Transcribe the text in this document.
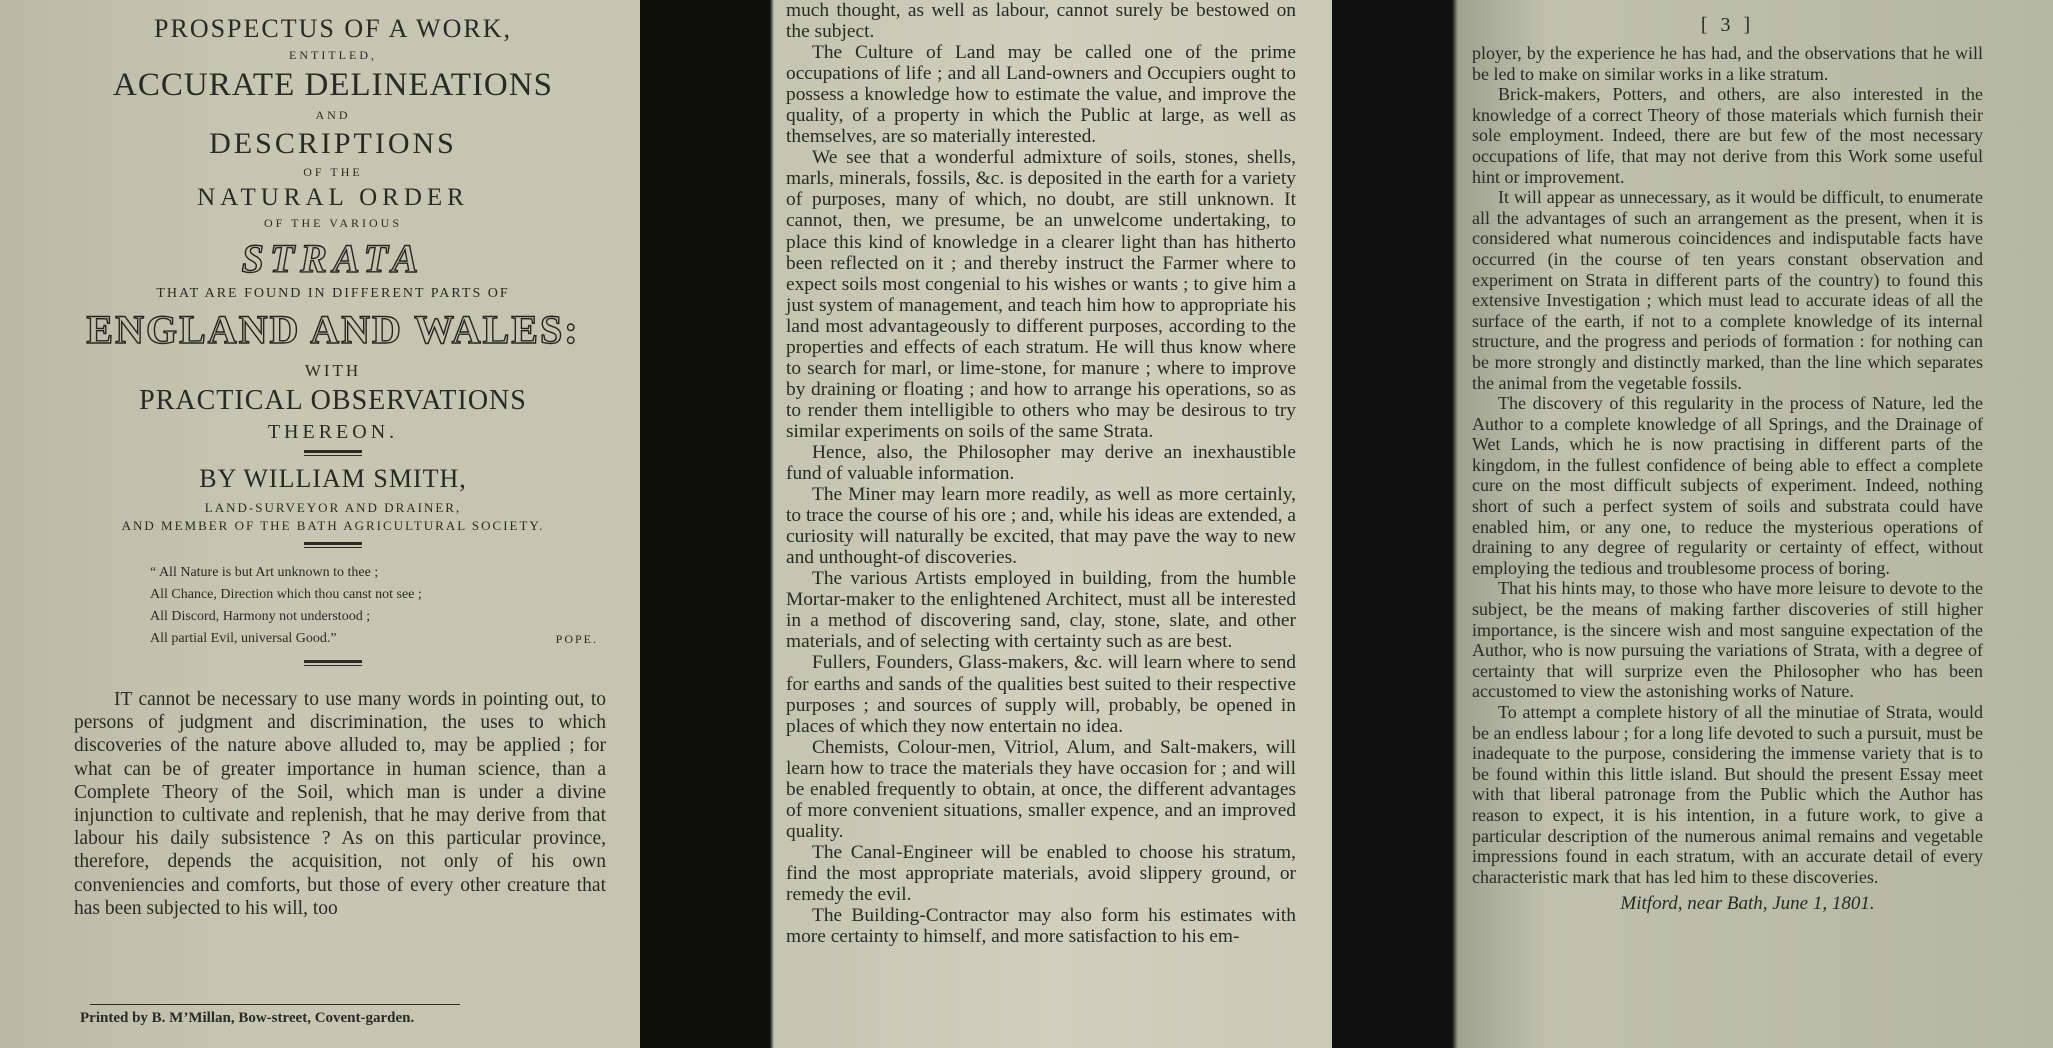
PROSPECTUS OF A WORK,

ENTITLED,

ACCURATE DELINEATIONS

AND

DESCRIPTIONS

OF THE

NATURAL ORDER

OF THE VARIOUS

STRATA

THAT ARE FOUND IN DIFFERENT PARTS OF

ENGLAND AND WALES:

WITH

PRACTICAL OBSERVATIONS

THEREON.

BY WILLIAM SMITH,

LAND-SURVEYOR AND DRAINER,

AND MEMBER OF THE BATH AGRICULTURAL SOCIETY.

“ All Nature is but Art unknown to thee ;
All Chance, Direction which thou canst not see ;
All Discord, Harmony not understood ;
All partial Evil, universal Good.”	POPE.

IT cannot be necessary to use many words in pointing out, to persons of judgment and discrimination, the uses to which discoveries of the nature above alluded to, may be applied ; for what can be of greater importance in human science, than a Complete Theory of the Soil, which man is under a divine injunction to cultivate and replenish, that he may derive from that labour his daily subsistence ? As on this particular province, therefore, depends the acquisition, not only of his own conveniencies and comforts, but those of every other creature that has been subjected to his will, too

Printed by B. M’Millan, Bow-street, Covent-garden.

much thought, as well as labour, cannot surely be bestowed on the subject.

The Culture of Land may be called one of the prime occupations of life ; and all Land-owners and Occupiers ought to possess a knowledge how to estimate the value, and improve the quality, of a property in which the Public at large, as well as themselves, are so materially interested.

We see that a wonderful admixture of soils, stones, shells, marls, minerals, fossils, &c. is deposited in the earth for a variety of purposes, many of which, no doubt, are still unknown. It cannot, then, we presume, be an unwelcome undertaking, to place this kind of knowledge in a clearer light than has hitherto been reflected on it ; and thereby instruct the Farmer where to expect soils most congenial to his wishes or wants ; to give him a just system of management, and teach him how to appropriate his land most advantageously to different purposes, according to the properties and effects of each stratum. He will thus know where to search for marl, or lime-stone, for manure ; where to improve by draining or floating ; and how to arrange his operations, so as to render them intelligible to others who may be desirous to try similar experiments on soils of the same Strata.

Hence, also, the Philosopher may derive an inexhaustible fund of valuable information.

The Miner may learn more readily, as well as more certainly, to trace the course of his ore ; and, while his ideas are extended, a curiosity will naturally be excited, that may pave the way to new and unthought-of discoveries.

The various Artists employed in building, from the humble Mortar-maker to the enlightened Architect, must all be interested in a method of discovering sand, clay, stone, slate, and other materials, and of selecting with certainty such as are best.

Fullers, Founders, Glass-makers, &c. will learn where to send for earths and sands of the qualities best suited to their respective purposes ; and sources of supply will, probably, be opened in places of which they now entertain no idea.

Chemists, Colour-men, Vitriol, Alum, and Salt-makers, will learn how to trace the materials they have occasion for ; and will be enabled frequently to obtain, at once, the different advantages of more convenient situations, smaller expence, and an improved quality.

The Canal-Engineer will be enabled to choose his stratum, find the most appropriate materials, avoid slippery ground, or remedy the evil.

The Building-Contractor may also form his estimates with more certainty to himself, and more satisfaction to his em-

[ 3 ]

ployer, by the experience he has had, and the observations that he will be led to make on similar works in a like stratum.

Brick-makers, Potters, and others, are also interested in the knowledge of a correct Theory of those materials which furnish their sole employment. Indeed, there are but few of the most necessary occupations of life, that may not derive from this Work some useful hint or improvement.

It will appear as unnecessary, as it would be difficult, to enumerate all the advantages of such an arrangement as the present, when it is considered what numerous coincidences and indisputable facts have occurred (in the course of ten years constant observation and experiment on Strata in different parts of the country) to found this extensive Investigation ; which must lead to accurate ideas of all the surface of the earth, if not to a complete knowledge of its internal structure, and the progress and periods of formation : for nothing can be more strongly and distinctly marked, than the line which separates the animal from the vegetable fossils.

The discovery of this regularity in the process of Nature, led the Author to a complete knowledge of all Springs, and the Drainage of Wet Lands, which he is now practising in different parts of the kingdom, in the fullest confidence of being able to effect a complete cure on the most difficult subjects of experiment. Indeed, nothing short of such a perfect system of soils and substrata could have enabled him, or any one, to reduce the mysterious operations of draining to any degree of regularity or certainty of effect, without employing the tedious and troublesome process of boring.

That his hints may, to those who have more leisure to devote to the subject, be the means of making farther discoveries of still higher importance, is the sincere wish and most sanguine expectation of the Author, who is now pursuing the variations of Strata, with a degree of certainty that will surprize even the Philosopher who has been accustomed to view the astonishing works of Nature.

To attempt a complete history of all the minutiae of Strata, would be an endless labour ; for a long life devoted to such a pursuit, must be inadequate to the purpose, considering the immense variety that is to be found within this little island. But should the present Essay meet with that liberal patronage from the Public which the Author has reason to expect, it is his intention, in a future work, to give a particular description of the numerous animal remains and vegetable impressions found in each stratum, with an accurate detail of every characteristic mark that has led him to these discoveries.

Mitford, near Bath, June 1, 1801.
